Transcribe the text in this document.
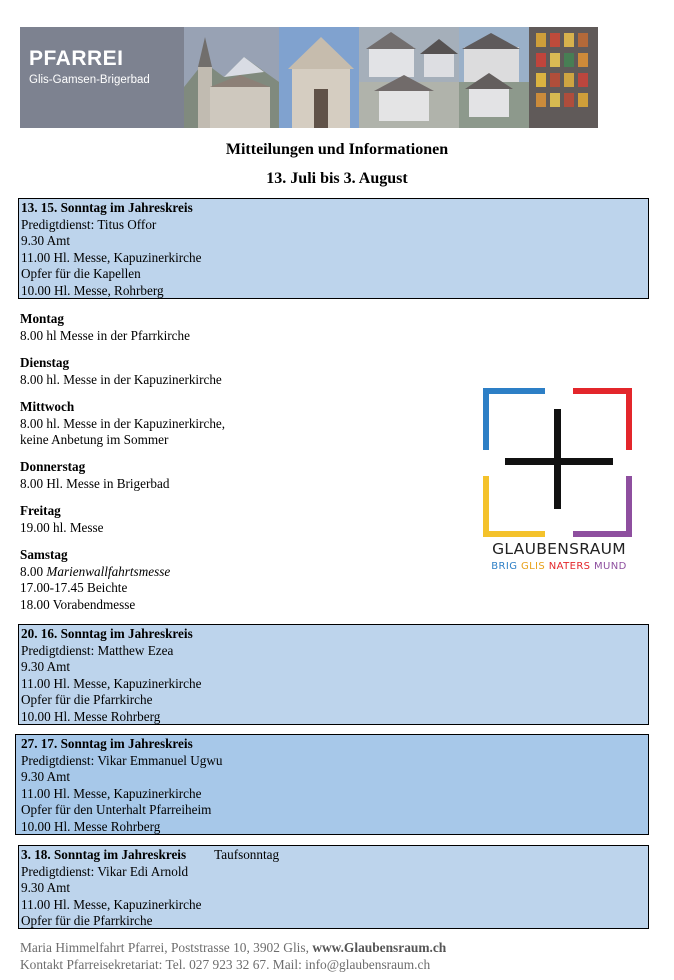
PFARREI
Glis-Gamsen-Brigerbad
Mitteilungen und Informationen
13. Juli bis 3. August
13. 15. Sonntag im Jahreskreis
Predigtdienst: Titus Offor
9.30 Amt
11.00 Hl. Messe, Kapuzinerkirche
Opfer für die Kapellen
10.00 Hl. Messe, Rohrberg
Montag
8.00 hl Messe in der Pfarrkirche
Dienstag
8.00 hl. Messe in der Kapuzinerkirche
Mittwoch
8.00 hl. Messe in der Kapuzinerkirche,
keine Anbetung im Sommer
Donnerstag
8.00 Hl. Messe in Brigerbad
Freitag
19.00 hl. Messe
Samstag
8.00 Marienwallfahrtsmesse
17.00-17.45 Beichte
18.00 Vorabendmesse
GLAUBENSRAUM
BRIG GLIS NATERS MUND
20. 16. Sonntag im Jahreskreis
Predigtdienst: Matthew Ezea
9.30 Amt
11.00 Hl. Messe, Kapuzinerkirche
Opfer für die Pfarrkirche
10.00 Hl. Messe Rohrberg
27. 17. Sonntag im Jahreskreis
Predigtdienst: Vikar Emmanuel Ugwu
9.30 Amt
11.00 Hl. Messe, Kapuzinerkirche
Opfer für den Unterhalt Pfarreiheim
10.00 Hl. Messe Rohrberg
3. 18. Sonntag im Jahreskreis Taufsonntag
Predigtdienst: Vikar Edi Arnold
9.30 Amt
11.00 Hl. Messe, Kapuzinerkirche
Opfer für die Pfarrkirche
Maria Himmelfahrt Pfarrei, Poststrasse 10, 3902 Glis, www.Glaubensraum.ch
Kontakt Pfarreisekretariat: Tel. 027 923 32 67. Mail: info@glaubensraum.ch
